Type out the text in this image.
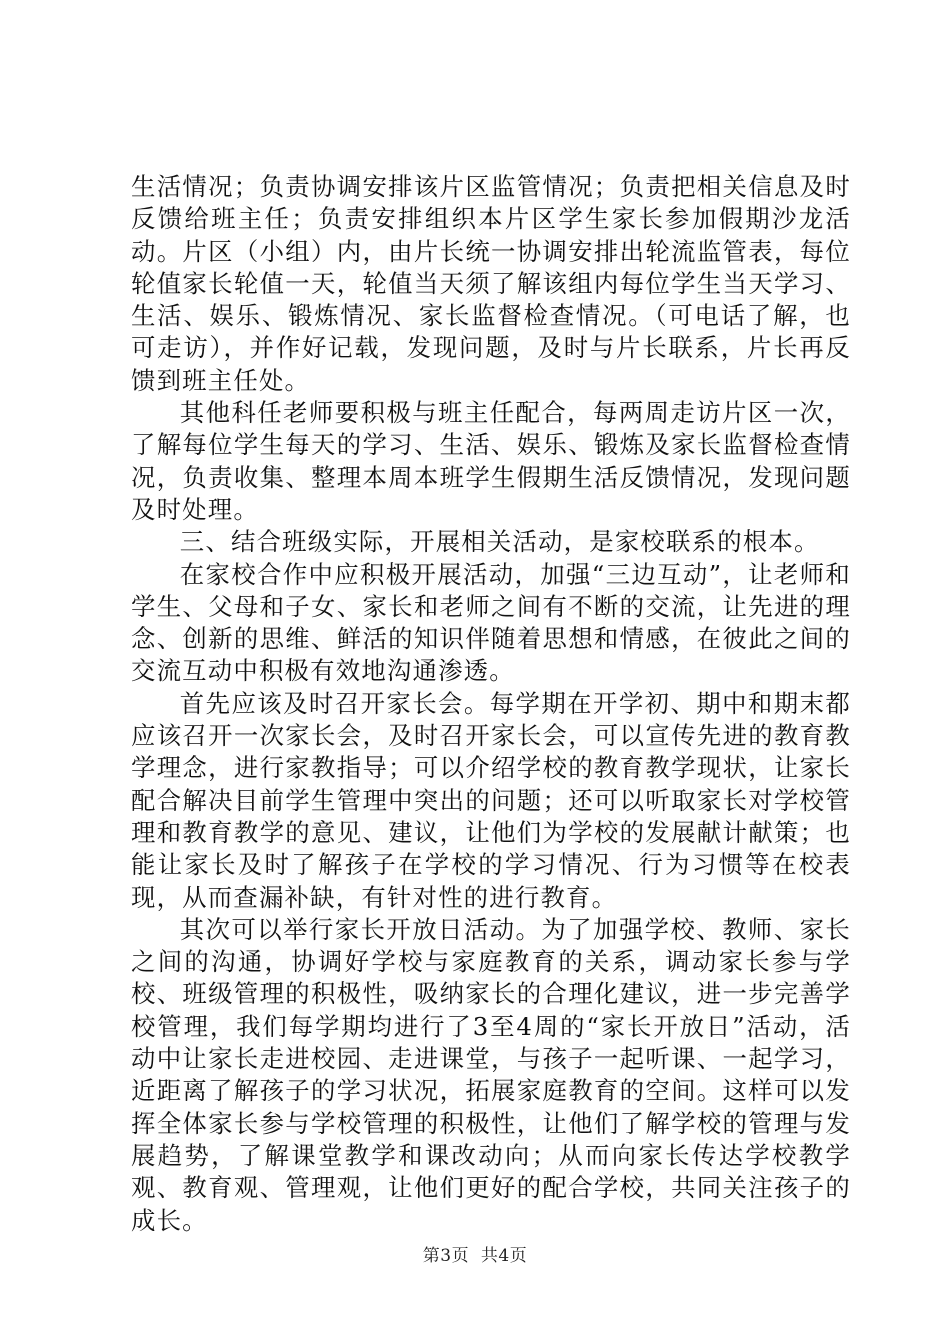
生活情况；负责协调安排该片区监管情况；负责把相关信息及时反馈给班主任；负责安排组织本片区学生家长参加假期沙龙活动。片区（小组）内，由片长统一协调安排出轮流监管表，每位轮值家长轮值一天，轮值当天须了解该组内每位学生当天学习、生活、娱乐、锻炼情况、家长监督检查情况。（可电话了解，也可走访），并作好记载，发现问题，及时与片长联系，片长再反馈到班主任处。

其他科任老师要积极与班主任配合，每两周走访片区一次，了解每位学生每天的学习、生活、娱乐、锻炼及家长监督检查情况，负责收集、整理本周本班学生假期生活反馈情况，发现问题及时处理。

三、结合班级实际，开展相关活动，是家校联系的根本。

在家校合作中应积极开展活动，加强“三边互动”，让老师和学生、父母和子女、家长和老师之间有不断的交流，让先进的理念、创新的思维、鲜活的知识伴随着思想和情感，在彼此之间的交流互动中积极有效地沟通渗透。

首先应该及时召开家长会。每学期在开学初、期中和期末都应该召开一次家长会，及时召开家长会，可以宣传先进的教育教学理念，进行家教指导；可以介绍学校的教育教学现状，让家长配合解决目前学生管理中突出的问题；还可以听取家长对学校管理和教育教学的意见、建议，让他们为学校的发展献计献策；也能让家长及时了解孩子在学校的学习情况、行为习惯等在校表现，从而查漏补缺，有针对性的进行教育。

其次可以举行家长开放日活动。为了加强学校、教师、家长之间的沟通，协调好学校与家庭教育的关系，调动家长参与学校、班级管理的积极性，吸纳家长的合理化建议，进一步完善学校管理，我们每学期均进行了3至4周的“家长开放日”活动，活动中让家长走进校园、走进课堂，与孩子一起听课、一起学习，近距离了解孩子的学习状况，拓展家庭教育的空间。这样可以发挥全体家长参与学校管理的积极性，让他们了解学校的管理与发展趋势，了解课堂教学和课改动向；从而向家长传达学校教学观、教育观、管理观，让他们更好的配合学校，共同关注孩子的成长。

第3页 共4页
